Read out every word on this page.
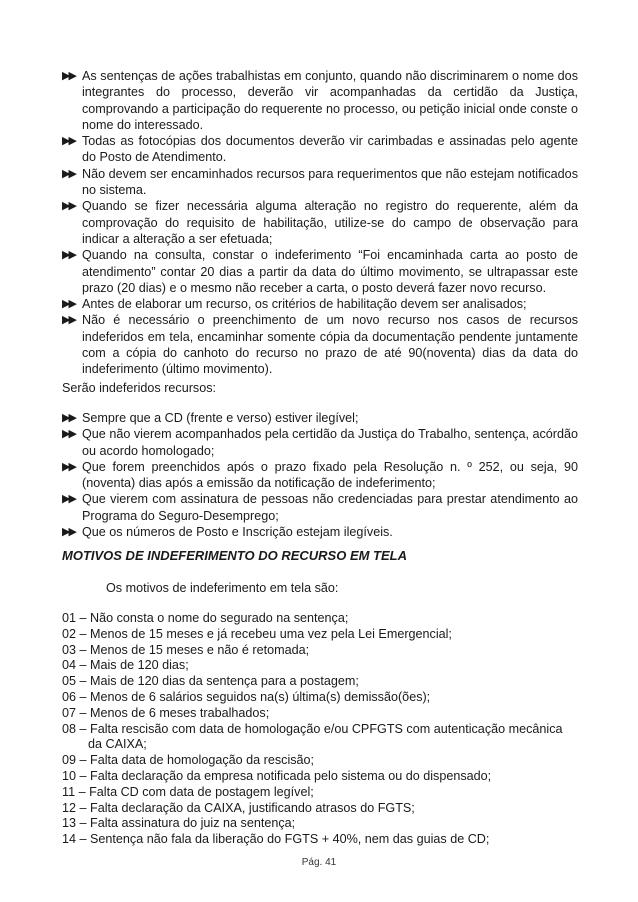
▶▶ As sentenças de ações trabalhistas em conjunto, quando não discriminarem o nome dos integrantes do processo, deverão vir acompanhadas da certidão da Justiça, comprovando a participação do requerente no processo, ou petição inicial onde conste o nome do interessado.
▶▶ Todas as fotocópias dos documentos deverão vir carimbadas e assinadas pelo agente do Posto de Atendimento.
▶▶ Não devem ser encaminhados recursos para requerimentos que não estejam notificados no sistema.
▶▶ Quando se fizer necessária alguma alteração no registro do requerente, além da comprovação do requisito de habilitação, utilize-se do campo de observação para indicar a alteração a ser efetuada;
▶▶ Quando na consulta, constar o indeferimento “Foi encaminhada carta ao posto de atendimento” contar 20 dias a partir da data do último movimento, se ultrapassar este prazo (20 dias) e o mesmo não receber a carta, o posto deverá fazer novo recurso.
▶▶ Antes de elaborar um recurso, os critérios de habilitação devem ser analisados;
▶▶ Não é necessário o preenchimento de um novo recurso nos casos de recursos indeferidos em tela, encaminhar somente cópia da documentação pendente juntamente com a cópia do canhoto do recurso no prazo de até 90(noventa) dias da data do indeferimento (último movimento).
Serão indeferidos recursos:
▶▶ Sempre que a CD (frente e verso) estiver ilegível;
▶▶ Que não vierem acompanhados pela certidão da Justiça do Trabalho, sentença, acórdão ou acordo homologado;
▶▶ Que forem preenchidos após o prazo fixado pela Resolução n. º 252, ou seja, 90 (noventa) dias após a emissão da notificação de indeferimento;
▶▶ Que vierem com assinatura de pessoas não credenciadas para prestar atendimento ao Programa do Seguro-Desemprego;
▶▶ Que os números de Posto e Inscrição estejam ilegíveis.
MOTIVOS DE INDEFERIMENTO DO RECURSO EM TELA
Os motivos de indeferimento em tela são:
01 – Não consta o nome do segurado na sentença;
02 – Menos de 15 meses e já recebeu uma vez pela Lei Emergencial;
03 – Menos de 15 meses e não é retomada;
04 – Mais de 120 dias;
05 – Mais de 120 dias da sentença para a postagem;
06 – Menos de 6 salários seguidos na(s) última(s) demissão(ões);
07 – Menos de 6 meses trabalhados;
08 – Falta rescisão com data de homologação e/ou CPFGTS com autenticação mecânica
da CAIXA;
09 – Falta data de homologação da rescisão;
10 – Falta declaração da empresa notificada pelo sistema ou do dispensado;
11 – Falta CD com data de postagem legível;
12 – Falta declaração da CAIXA, justificando atrasos do FGTS;
13 – Falta assinatura do juiz na sentença;
14 – Sentença não fala da liberação do FGTS + 40%, nem das guias de CD;
Pág. 41
